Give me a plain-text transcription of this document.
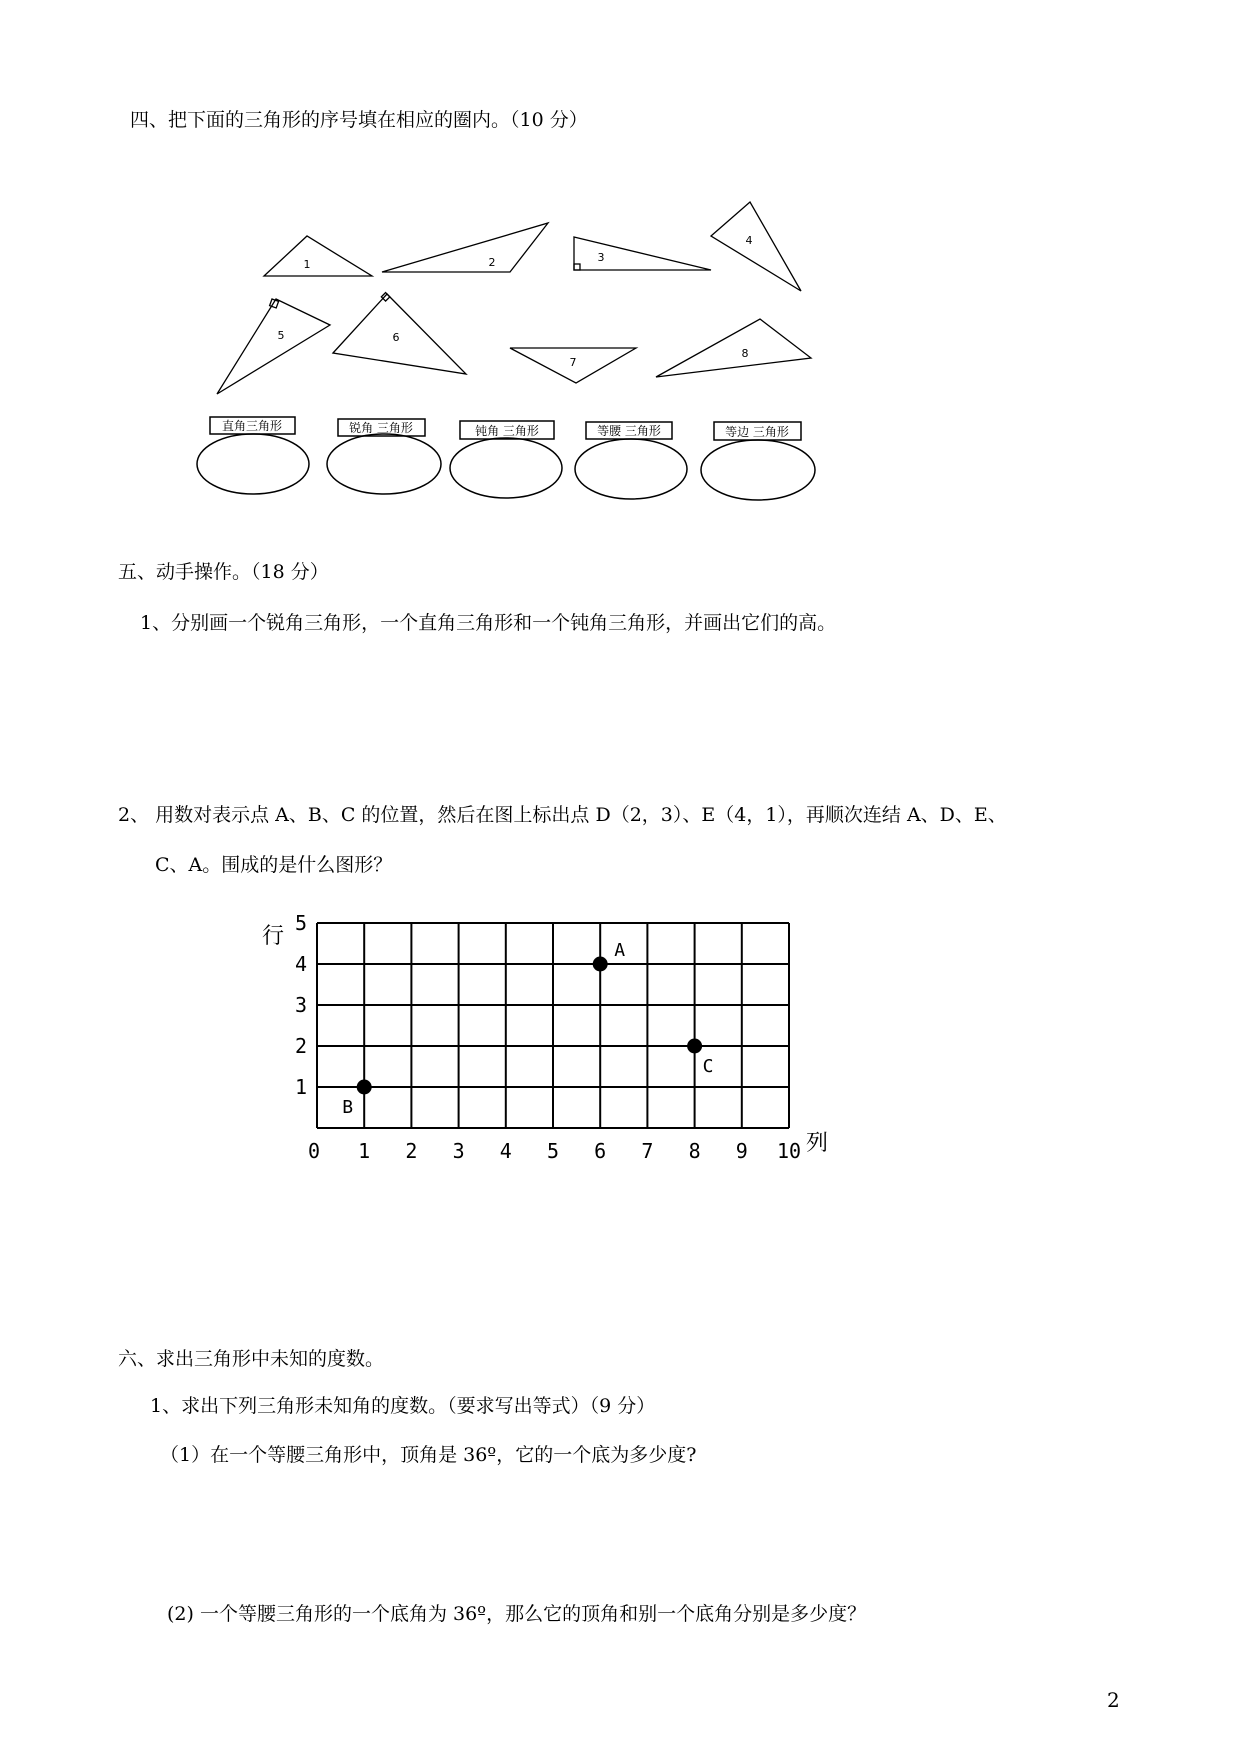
四、把下面的三角形的序号填在相应的圈内。（10 分）
1	2	3
4
5	6
7
8
直角三角形	锐角 三角形	钝角 三角形	等腰 三角形	等边 三角形
0 1 2 3 4 5 6 7 8 9 10
1
2
3
4
5
行
列
A
B
C
五、动手操作。（18 分）
1、分别画一个锐角三角形，一个直角三角形和一个钝角三角形，并画出它们的高。
2、 用数对表示点 A、B、C 的位置，然后在图上标出点 D（2，3）、E（4，1），再顺次连结 A、D、E、
C、A。围成的是什么图形？
六、求出三角形中未知的度数。
1、求出下列三角形未知角的度数。（要求写出等式）（9 分）
（1）在一个等腰三角形中，顶角是 36º，它的一个底为多少度?
(2) 一个等腰三角形的一个底角为 36º，那么它的顶角和别一个底角分别是多少度？
2
